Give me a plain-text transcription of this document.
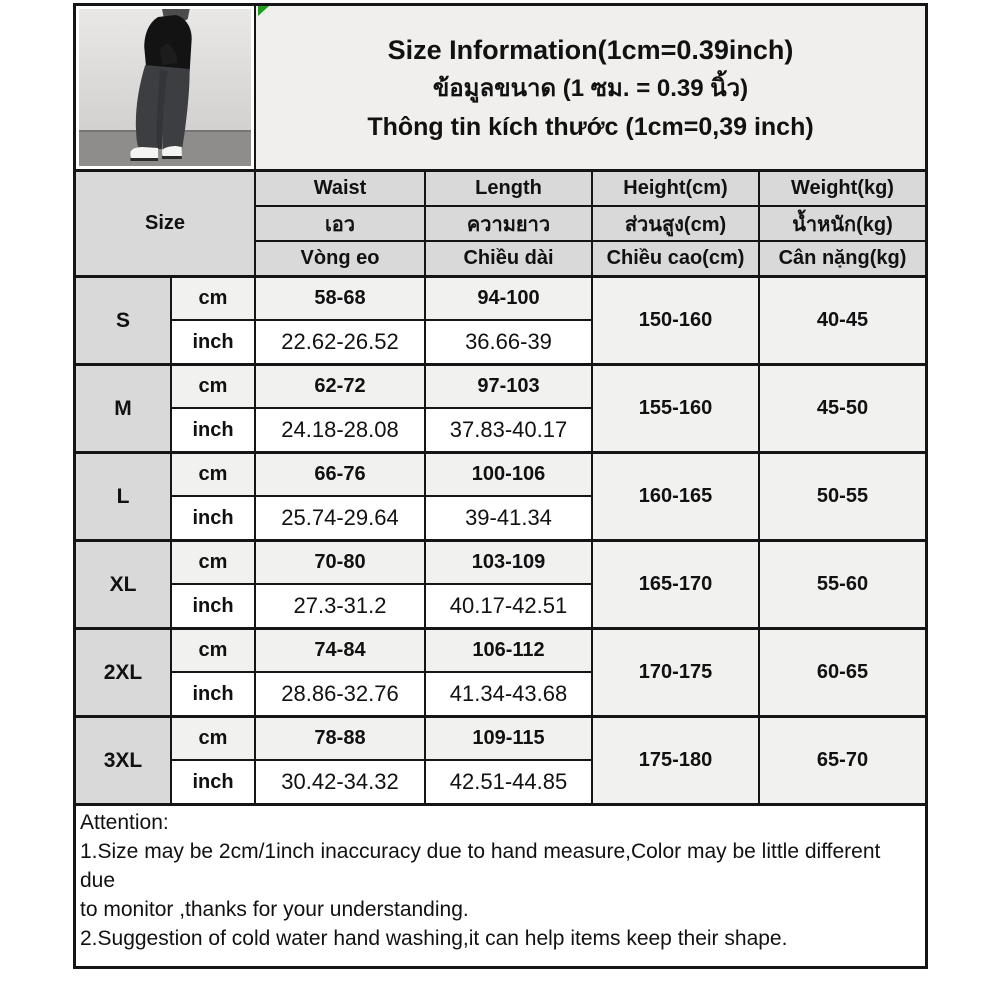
Size Information(1cm=0.39inch)
ข้อมูลขนาด (1 ซม. = 0.39 นิ้ว)
Thông tin kích thước (1cm=0,39 inch)
Size		Waist	Length	Height(cm)	Weight(kg)
		เอว	ความยาว	ส่วนสูง(cm)	น้ำหนัก(kg)
		Vòng eo	Chiều dài	Chiều cao(cm)	Cân nặng(kg)
S	cm	58-68	94-100	150-160	40-45
	inch	22.62-26.52	36.66-39		
M	cm	62-72	97-103	155-160	45-50
	inch	24.18-28.08	37.83-40.17		
L	cm	66-76	100-106	160-165	50-55
	inch	25.74-29.64	39-41.34		
XL	cm	70-80	103-109	165-170	55-60
	inch	27.3-31.2	40.17-42.51		
2XL	cm	74-84	106-112	170-175	60-65
	inch	28.86-32.76	41.34-43.68		
3XL	cm	78-88	109-115	175-180	65-70
	inch	30.42-34.32	42.51-44.85		
Attention:
1.Size may be 2cm/1inch inaccuracy due to hand measure,Color may be little different due
to monitor ,thanks for your understanding.
2.Suggestion of cold water hand washing,it can help items keep their shape.
